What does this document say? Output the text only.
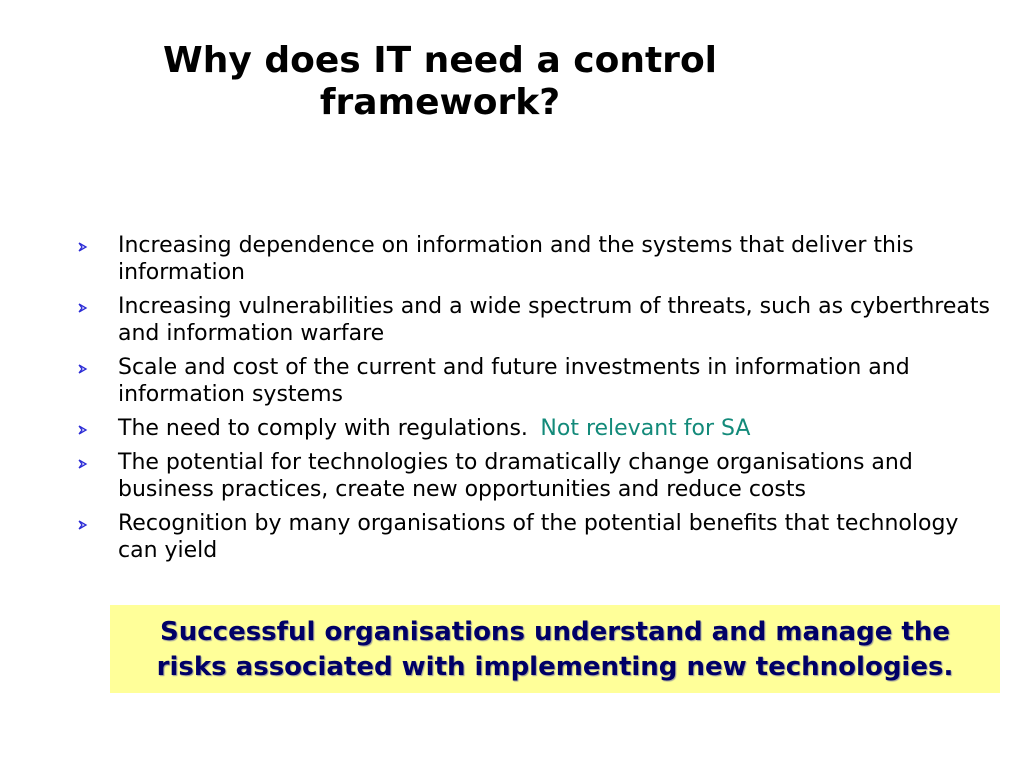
Why does IT need a control
framework?
Increasing dependence on information and the systems that deliver this information
Increasing vulnerabilities and a wide spectrum of threats, such as cyberthreats and information warfare
Scale and cost of the current and future investments in information and information systems
The need to comply with regulations. Not relevant for SA
The potential for technologies to dramatically change organisations and business practices, create new opportunities and reduce costs
Recognition by many organisations of the potential benefits that technology can yield
Successful organisations understand and manage the
risks associated with implementing new technologies.
